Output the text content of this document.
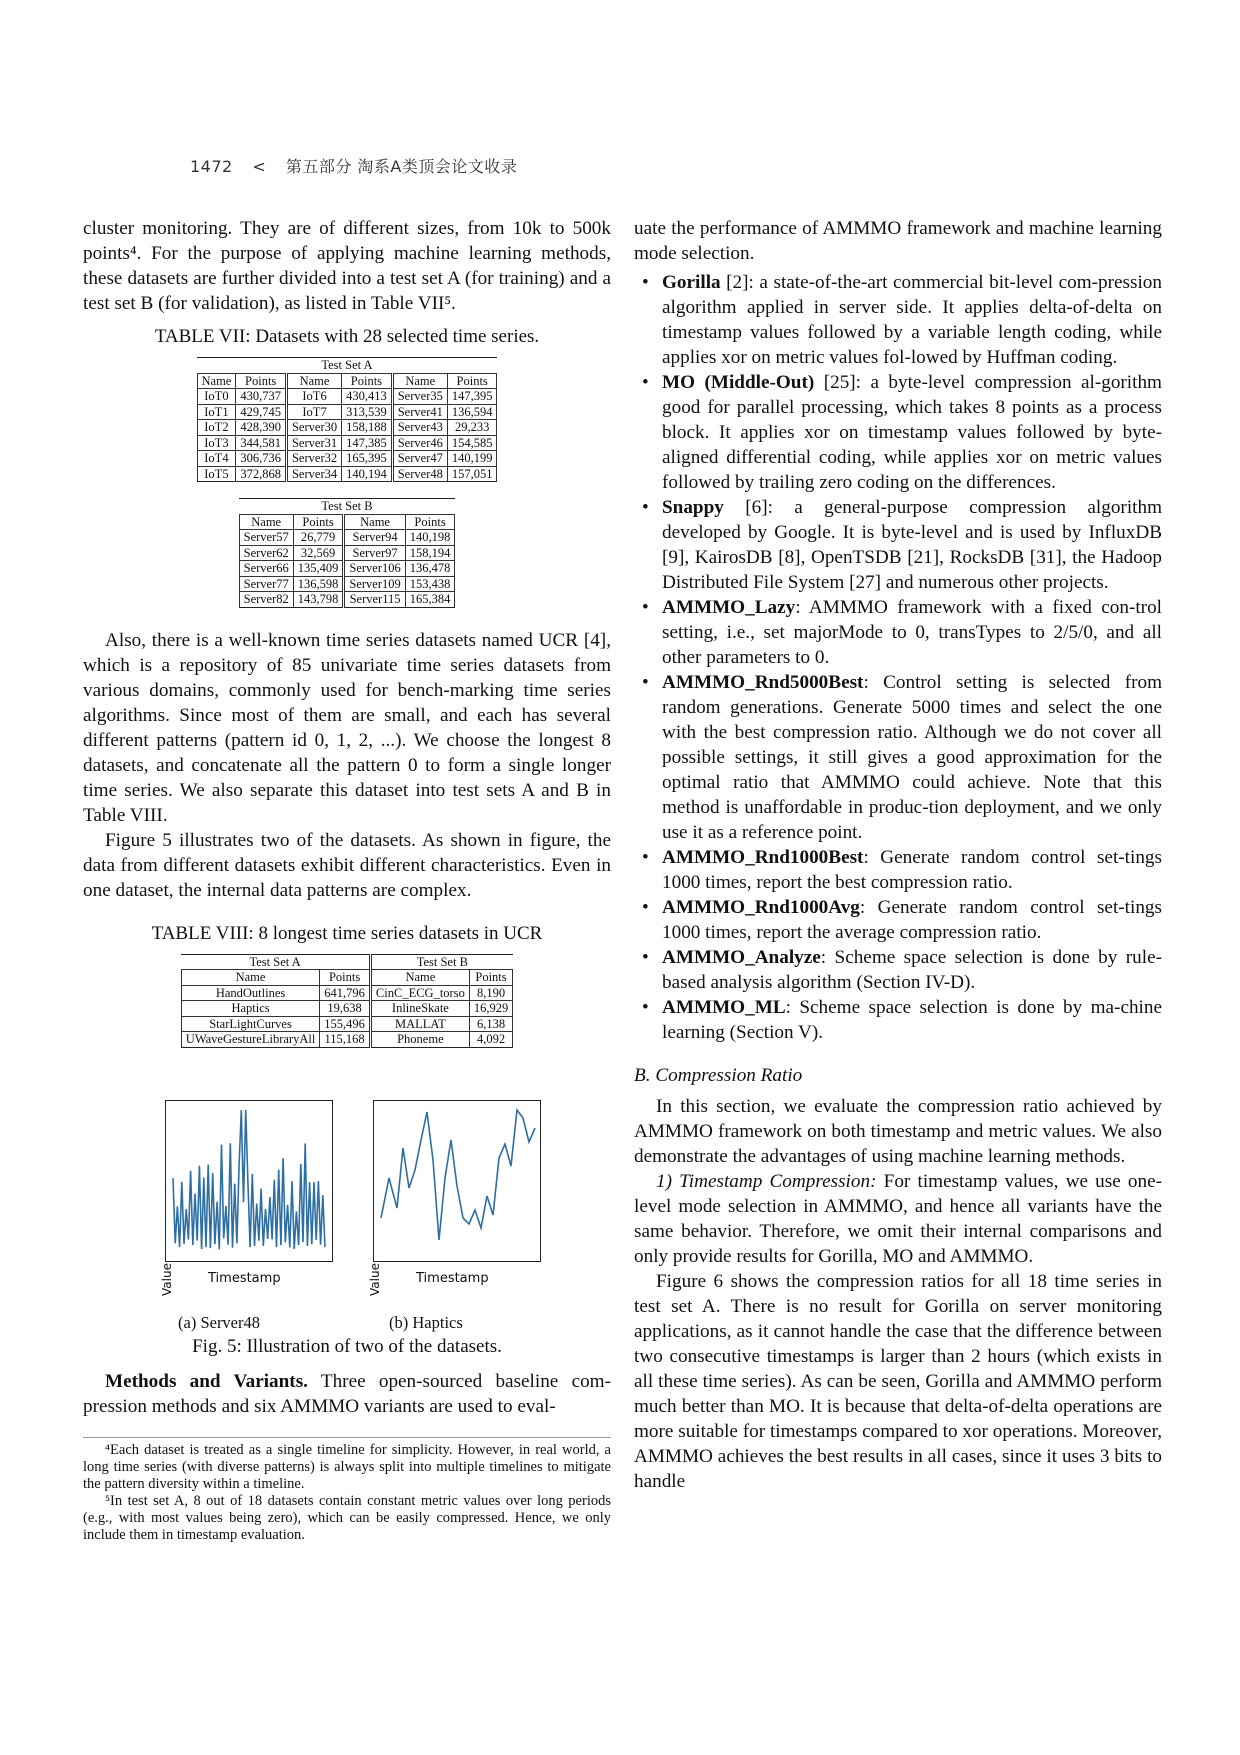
1472 < 第五部分 淘系A类顶会论文收录

cluster monitoring. They are of different sizes, from 10k to 500k points⁴. For the purpose of applying machine learning methods, these datasets are further divided into a test set A (for training) and a test set B (for validation), as listed in Table VII⁵.

TABLE VII: Datasets with 28 selected time series.
Test Set A					
Name	Points	Name	Points	Name	Points
IoT0	430,737	IoT6	430,413	Server35	147,395
IoT1	429,745	IoT7	313,539	Server41	136,594
IoT2	428,390	Server30	158,188	Server43	29,233
IoT3	344,581	Server31	147,385	Server46	154,585
IoT4	306,736	Server32	165,395	Server47	140,199
IoT5	372,868	Server34	140,194	Server48	157,051
Test Set B			
Name	Points	Name	Points
Server57	26,779	Server94	140,198
Server62	32,569	Server97	158,194
Server66	135,409	Server106	136,478
Server77	136,598	Server109	153,438
Server82	143,798	Server115	165,384

Also, there is a well-known time series datasets named UCR [4], which is a repository of 85 univariate time series datasets from various domains, commonly used for bench-marking time series algorithms. Since most of them are small, and each has several different patterns (pattern id 0, 1, 2, ...). We choose the longest 8 datasets, and concatenate all the pattern 0 to form a single longer time series. We also separate this dataset into test sets A and B in Table VIII.

Figure 5 illustrates two of the datasets. As shown in figure, the data from different datasets exhibit different characteristics. Even in one dataset, the internal data patterns are complex.

TABLE VIII: 8 longest time series datasets in UCR
Test Set A		Test Set B	
Name	Points	Name	Points
HandOutlines	641,796	CinC_ECG_torso	8,190
Haptics	19,638	InlineSkate	16,929
StarLightCurves	155,496	MALLAT	6,138
UWaveGestureLibraryAll	115,168	Phoneme	4,092
Value	Timestamp	Value	Timestamp
(a) Server48	(b) Haptics
Fig. 5: Illustration of two of the datasets.

Methods and Variants. Three open-sourced baseline com-pression methods and six AMMMO variants are used to eval-

⁴Each dataset is treated as a single timeline for simplicity. However, in real world, a long time series (with diverse patterns) is always split into multiple timelines to mitigate the pattern diversity within a timeline.

⁵In test set A, 8 out of 18 datasets contain constant metric values over long periods (e.g., with most values being zero), which can be easily compressed. Hence, we only include them in timestamp evaluation.

uate the performance of AMMMO framework and machine learning mode selection.

• Gorilla [2]: a state-of-the-art commercial bit-level com-pression algorithm applied in server side. It applies delta-of-delta on timestamp values followed by a variable length coding, while applies xor on metric values fol-lowed by Huffman coding.
• MO (Middle-Out) [25]: a byte-level compression al-gorithm good for parallel processing, which takes 8 points as a process block. It applies xor on timestamp values followed by byte-aligned differential coding, while applies xor on metric values followed by trailing zero coding on the differences.
• Snappy [6]: a general-purpose compression algorithm developed by Google. It is byte-level and is used by InfluxDB [9], KairosDB [8], OpenTSDB [21], RocksDB [31], the Hadoop Distributed File System [27] and numerous other projects.
• AMMMO_Lazy: AMMMO framework with a fixed con-trol setting, i.e., set majorMode to 0, transTypes to 2/5/0, and all other parameters to 0.
• AMMMO_Rnd5000Best: Control setting is selected from random generations. Generate 5000 times and select the one with the best compression ratio. Although we do not cover all possible settings, it still gives a good approximation for the optimal ratio that AMMMO could achieve. Note that this method is unaffordable in produc-tion deployment, and we only use it as a reference point.
• AMMMO_Rnd1000Best: Generate random control set-tings 1000 times, report the best compression ratio.
• AMMMO_Rnd1000Avg: Generate random control set-tings 1000 times, report the average compression ratio.
• AMMMO_Analyze: Scheme space selection is done by rule-based analysis algorithm (Section IV-D).
• AMMMO_ML: Scheme space selection is done by ma-chine learning (Section V).
B. Compression Ratio

In this section, we evaluate the compression ratio achieved by AMMMO framework on both timestamp and metric values. We also demonstrate the advantages of using machine learning methods.

1) Timestamp Compression: For timestamp values, we use one-level mode selection in AMMMO, and hence all variants have the same behavior. Therefore, we omit their internal comparisons and only provide results for Gorilla, MO and AMMMO.

Figure 6 shows the compression ratios for all 18 time series in test set A. There is no result for Gorilla on server monitoring applications, as it cannot handle the case that the difference between two consecutive timestamps is larger than 2 hours (which exists in all these time series). As can be seen, Gorilla and AMMMO perform much better than MO. It is because that delta-of-delta operations are more suitable for timestamps compared to xor operations. Moreover, AMMMO achieves the best results in all cases, since it uses 3 bits to handle
